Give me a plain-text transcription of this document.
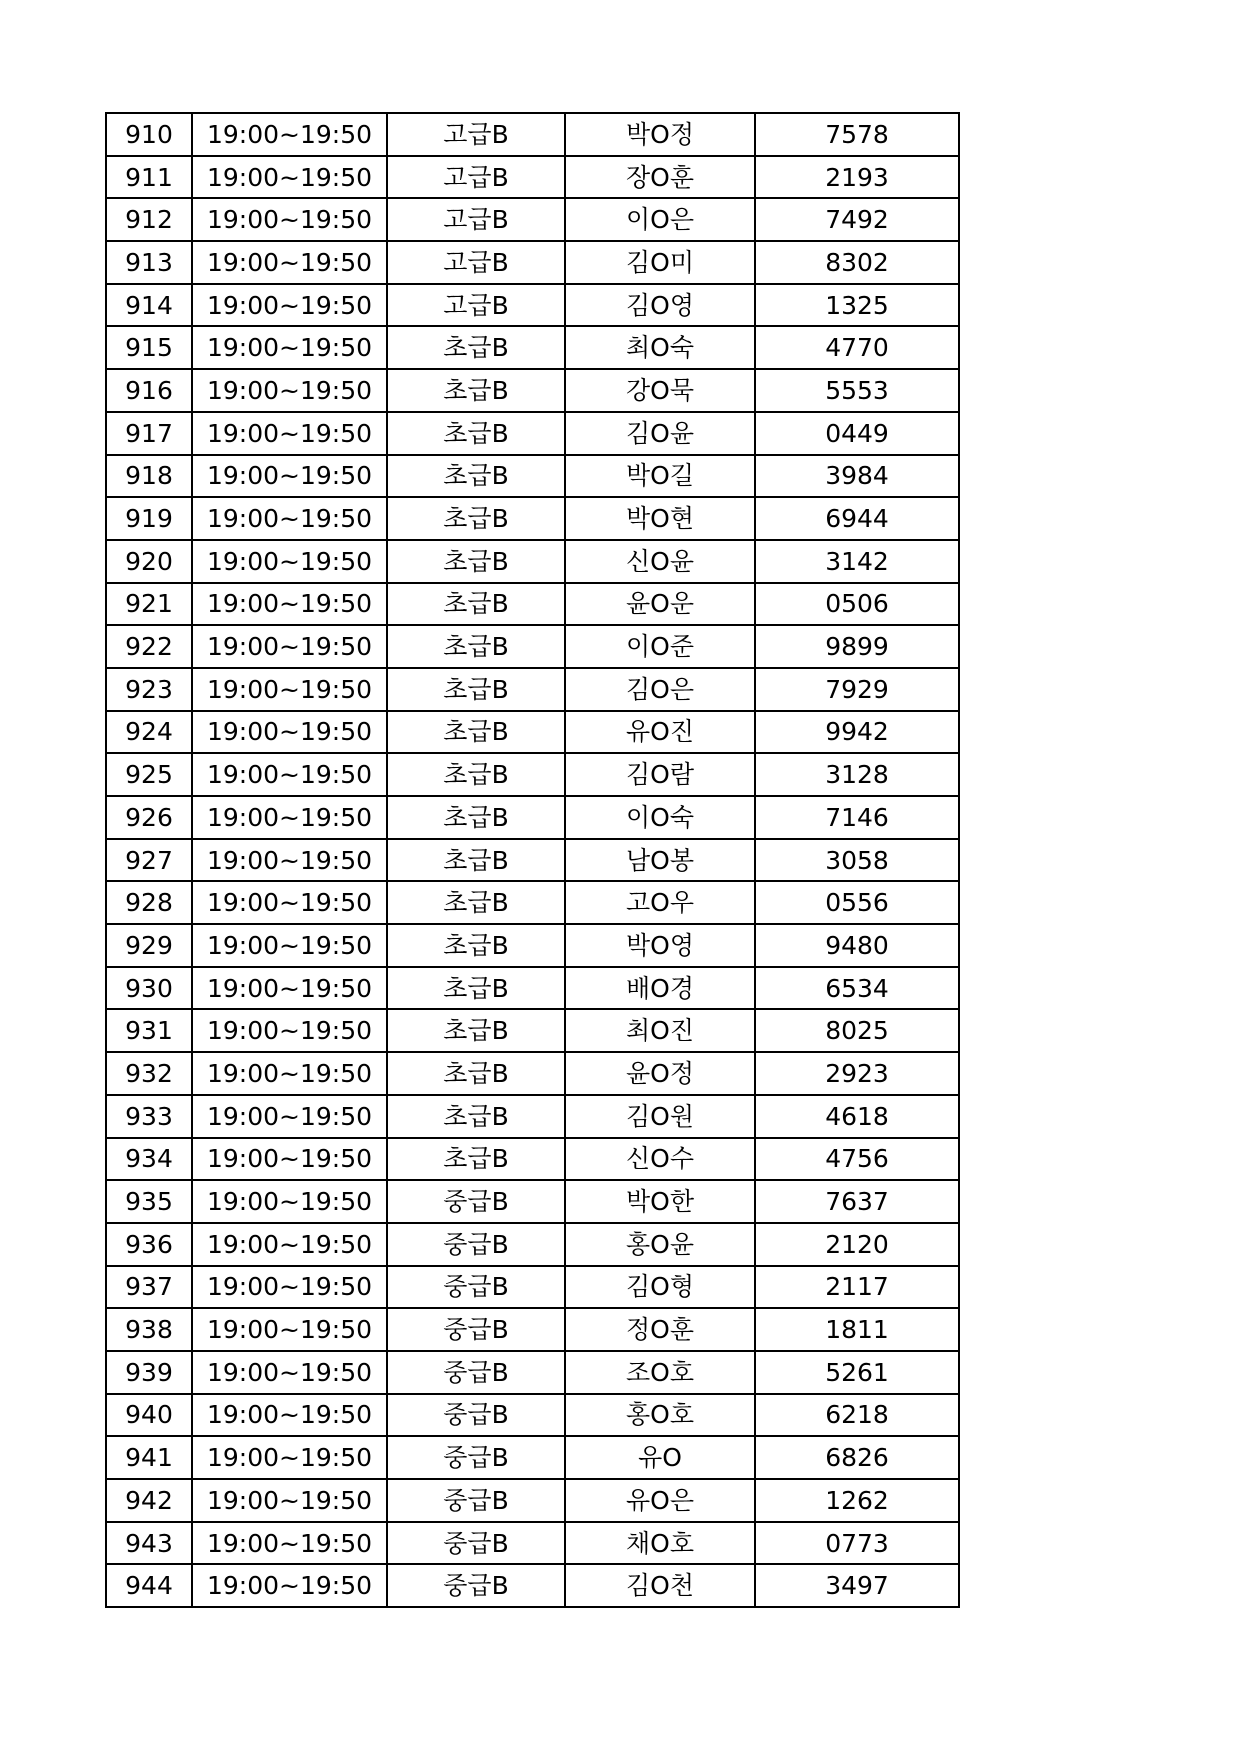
910	19:00~19:50	고급B	박O정	7578
911	19:00~19:50	고급B	장O훈	2193
912	19:00~19:50	고급B	이O은	7492
913	19:00~19:50	고급B	김O미	8302
914	19:00~19:50	고급B	김O영	1325
915	19:00~19:50	초급B	최O숙	4770
916	19:00~19:50	초급B	강O묵	5553
917	19:00~19:50	초급B	김O윤	0449
918	19:00~19:50	초급B	박O길	3984
919	19:00~19:50	초급B	박O현	6944
920	19:00~19:50	초급B	신O윤	3142
921	19:00~19:50	초급B	윤O운	0506
922	19:00~19:50	초급B	이O준	9899
923	19:00~19:50	초급B	김O은	7929
924	19:00~19:50	초급B	유O진	9942
925	19:00~19:50	초급B	김O람	3128
926	19:00~19:50	초급B	이O숙	7146
927	19:00~19:50	초급B	남O봉	3058
928	19:00~19:50	초급B	고O우	0556
929	19:00~19:50	초급B	박O영	9480
930	19:00~19:50	초급B	배O경	6534
931	19:00~19:50	초급B	최O진	8025
932	19:00~19:50	초급B	윤O정	2923
933	19:00~19:50	초급B	김O원	4618
934	19:00~19:50	초급B	신O수	4756
935	19:00~19:50	중급B	박O한	7637
936	19:00~19:50	중급B	홍O윤	2120
937	19:00~19:50	중급B	김O형	2117
938	19:00~19:50	중급B	정O훈	1811
939	19:00~19:50	중급B	조O호	5261
940	19:00~19:50	중급B	홍O호	6218
941	19:00~19:50	중급B	유O	6826
942	19:00~19:50	중급B	유O은	1262
943	19:00~19:50	중급B	채O호	0773
944	19:00~19:50	중급B	김O천	3497
